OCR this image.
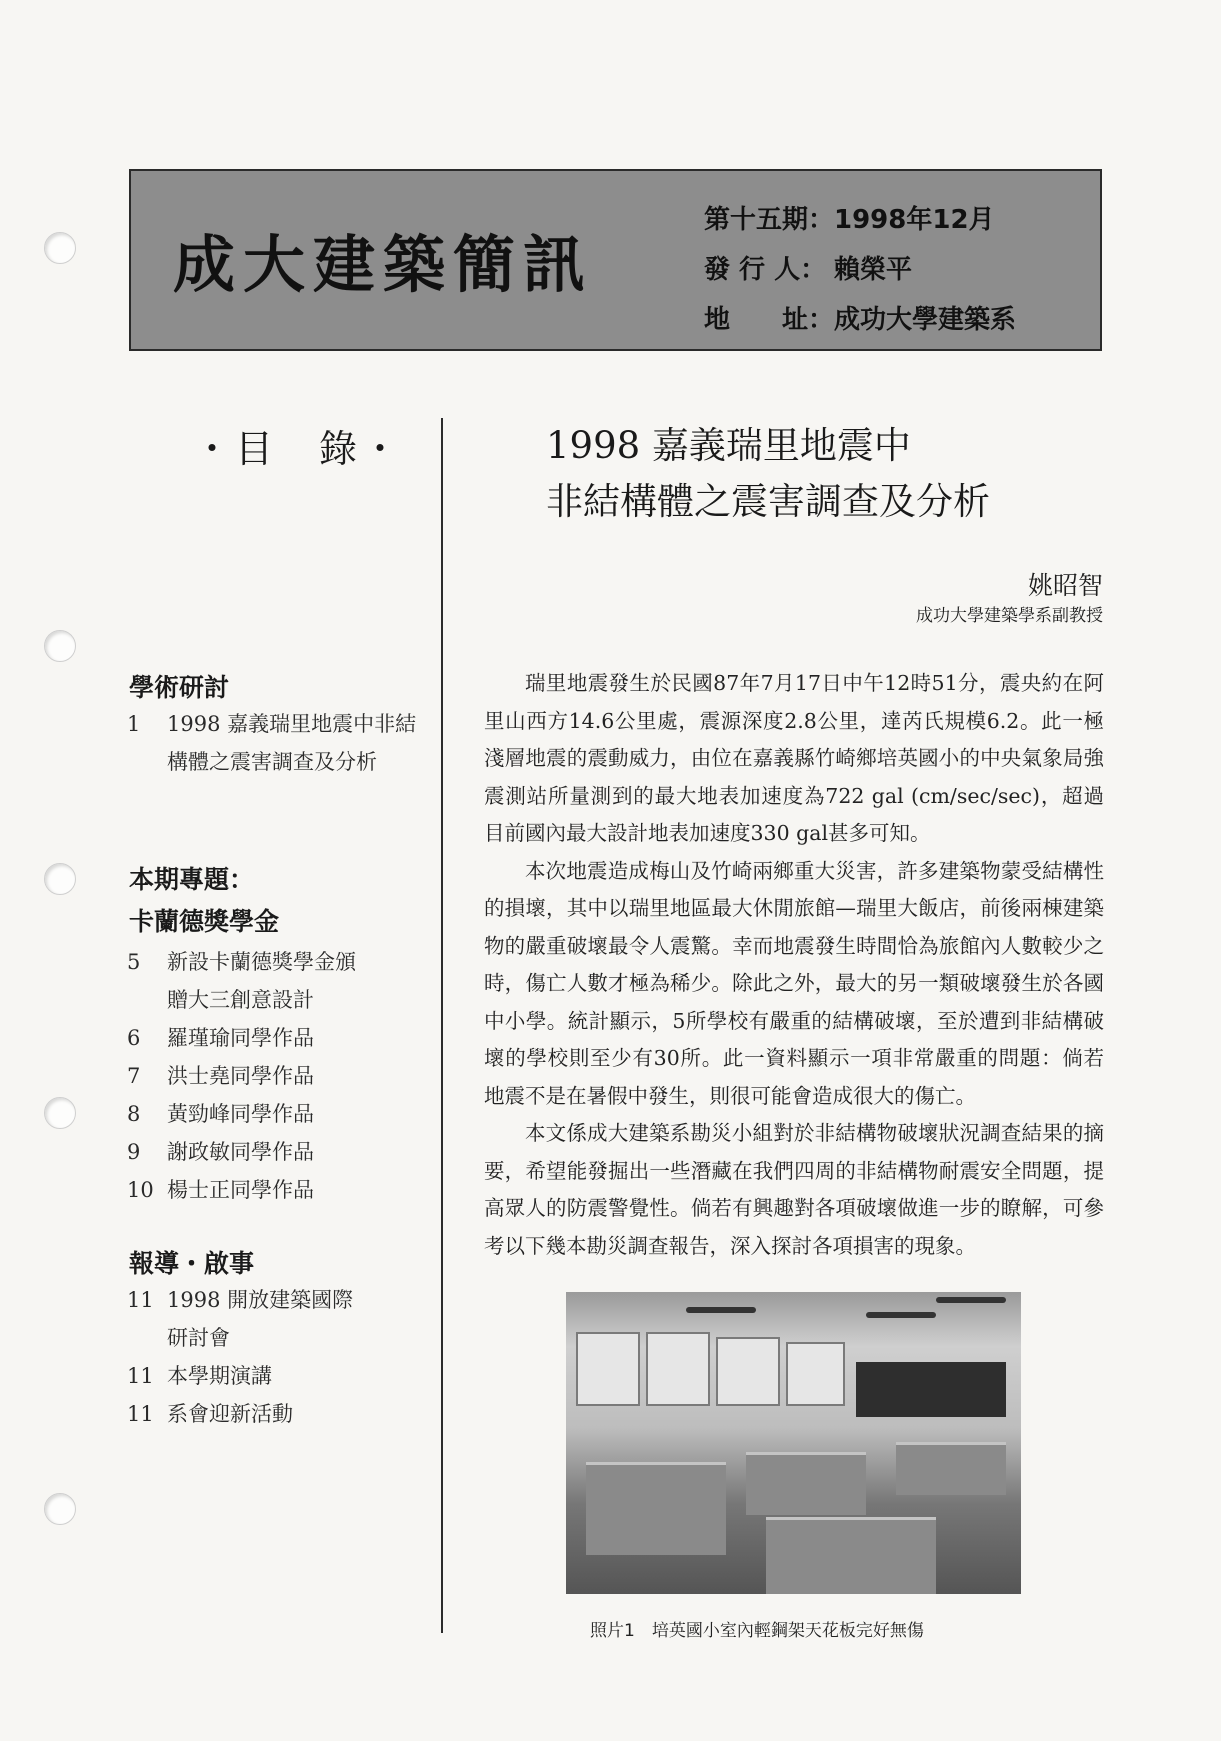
成大建築簡訊
第十五期：1998年12月
發 行 人： 賴榮平
地　　址：成功大學建築系
・目　錄・
學術研討
1 1998 嘉義瑞里地震中非結構體之震害調查及分析
本期專題：
卡蘭德獎學金
5 新設卡蘭德獎學金頒贈大三創意設計
6 羅瑾瑜同學作品
7 洪士堯同學作品
8 黃勁峰同學作品
9 謝政敏同學作品
10 楊士正同學作品
報導・啟事
11 1998 開放建築國際研討會
11 本學期演講
11 系會迎新活動
1998 嘉義瑞里地震中
非結構體之震害調查及分析
姚昭智
成功大學建築學系副教授

瑞里地震發生於民國87年7月17日中午12時51分，震央約在阿里山西方14.6公里處，震源深度2.8公里，達芮氏規模6.2。此一極淺層地震的震動威力，由位在嘉義縣竹崎鄉培英國小的中央氣象局強震測站所量測到的最大地表加速度為722 gal (cm/sec/sec)，超過目前國內最大設計地表加速度330 gal甚多可知。

本次地震造成梅山及竹崎兩鄉重大災害，許多建築物蒙受結構性的損壞，其中以瑞里地區最大休閒旅館—瑞里大飯店，前後兩棟建築物的嚴重破壞最令人震驚。幸而地震發生時間恰為旅館內人數較少之時，傷亡人數才極為稀少。除此之外，最大的另一類破壞發生於各國中小學。統計顯示，5所學校有嚴重的結構破壞，至於遭到非結構破壞的學校則至少有30所。此一資料顯示一項非常嚴重的問題：倘若地震不是在暑假中發生，則很可能會造成很大的傷亡。

本文係成大建築系勘災小組對於非結構物破壞狀況調查結果的摘要，希望能發掘出一些潛藏在我們四周的非結構物耐震安全問題，提高眾人的防震警覺性。倘若有興趣對各項破壞做進一步的瞭解，可參考以下幾本勘災調查報告，深入探討各項損害的現象。

照片1　培英國小室內輕鋼架天花板完好無傷
